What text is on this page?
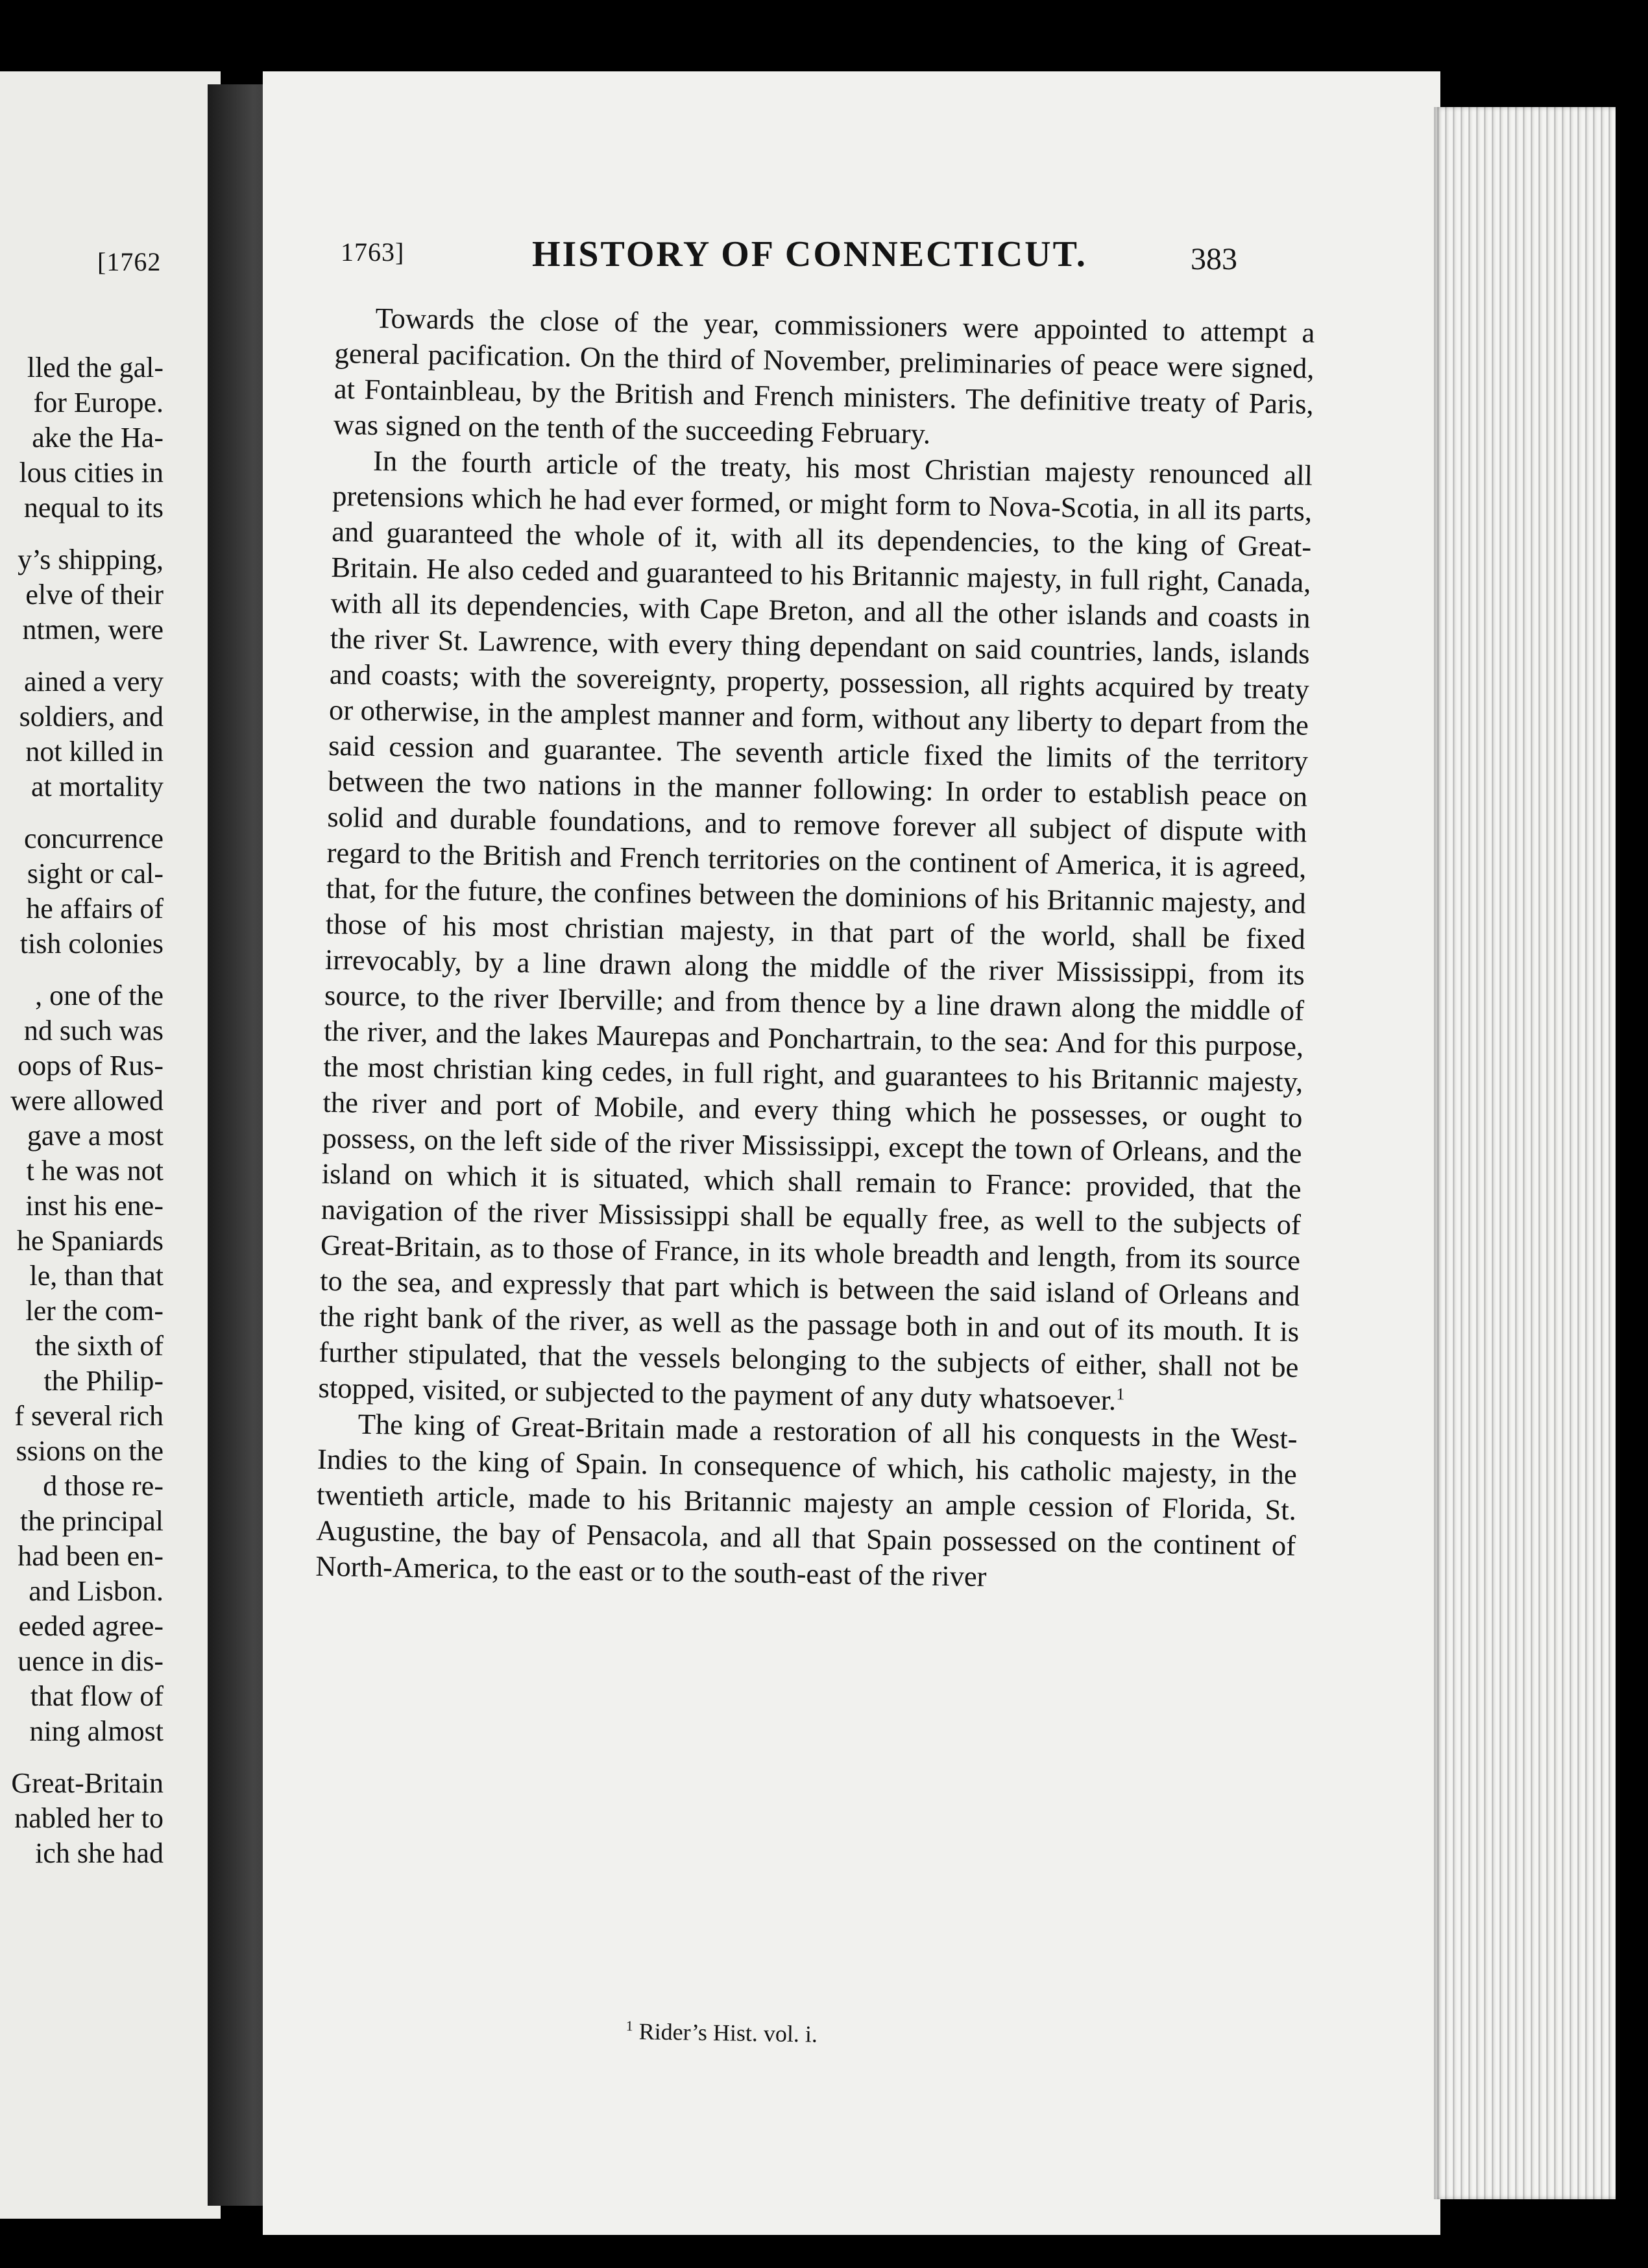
[1762
lled the gal-
for Europe.
ake the Ha-
lous cities in
nequal to its
y’s shipping,
elve of their
ntmen, were
ained a very
soldiers, and
not killed in
at mortality
concurrence
sight or cal-
he affairs of
tish colonies
, one of the
nd such was
oops of Rus-
were allowed
gave a most
t he was not
inst his ene-
he Spaniards
le, than that
ler the com-
the sixth of
the Philip-
f several rich
ssions on the
d those re-
the principal
had been en-
and Lisbon.
eeded agree-
uence in dis-
that flow of
ning almost
Great-Britain
nabled her to
ich she had
1763]	HISTORY OF CONNECTICUT.	383

Towards the close of the year, commissioners were appointed to attempt a general pacification. On the third of November, preliminaries of peace were signed, at Fontainbleau, by the British and French ministers. The definitive treaty of Paris, was signed on the tenth of the succeeding February.

In the fourth article of the treaty, his most Christian majesty renounced all pretensions which he had ever formed, or might form to Nova-Scotia, in all its parts, and guaranteed the whole of it, with all its dependencies, to the king of Great-Britain. He also ceded and guaranteed to his Britannic majesty, in full right, Canada, with all its dependencies, with Cape Breton, and all the other islands and coasts in the river St. Lawrence, with every thing dependant on said countries, lands, islands and coasts; with the sovereignty, property, possession, all rights acquired by treaty or otherwise, in the amplest manner and form, without any liberty to depart from the said cession and guarantee. The seventh article fixed the limits of the territory between the two nations in the manner following: In order to establish peace on solid and durable foundations, and to remove forever all subject of dispute with regard to the British and French territories on the continent of America, it is agreed, that, for the future, the confines between the dominions of his Britannic majesty, and those of his most christian majesty, in that part of the world, shall be fixed irrevocably, by a line drawn along the middle of the river Mississippi, from its source, to the river Iberville; and from thence by a line drawn along the middle of the river, and the lakes Maurepas and Ponchartrain, to the sea: And for this purpose, the most christian king cedes, in full right, and guarantees to his Britannic majesty, the river and port of Mobile, and every thing which he possesses, or ought to possess, on the left side of the river Mississippi, except the town of Orleans, and the island on which it is situated, which shall remain to France: provided, that the navigation of the river Mississippi shall be equally free, as well to the subjects of Great-Britain, as to those of France, in its whole breadth and length, from its source to the sea, and expressly that part which is between the said island of Orleans and the right bank of the river, as well as the passage both in and out of its mouth. It is further stipulated, that the vessels belonging to the subjects of either, shall not be stopped, visited, or subjected to the payment of any duty whatsoever.$^1$

The king of Great-Britain made a restoration of all his conquests in the West-Indies to the king of Spain. In consequence of which, his catholic majesty, in the twentieth article, made to his Britannic majesty an ample cession of Florida, St. Augustine, the bay of Pensacola, and all that Spain possessed on the continent of North-America, to the east or to the south-east of the river

$^1$ Rider’s Hist. vol. i.
